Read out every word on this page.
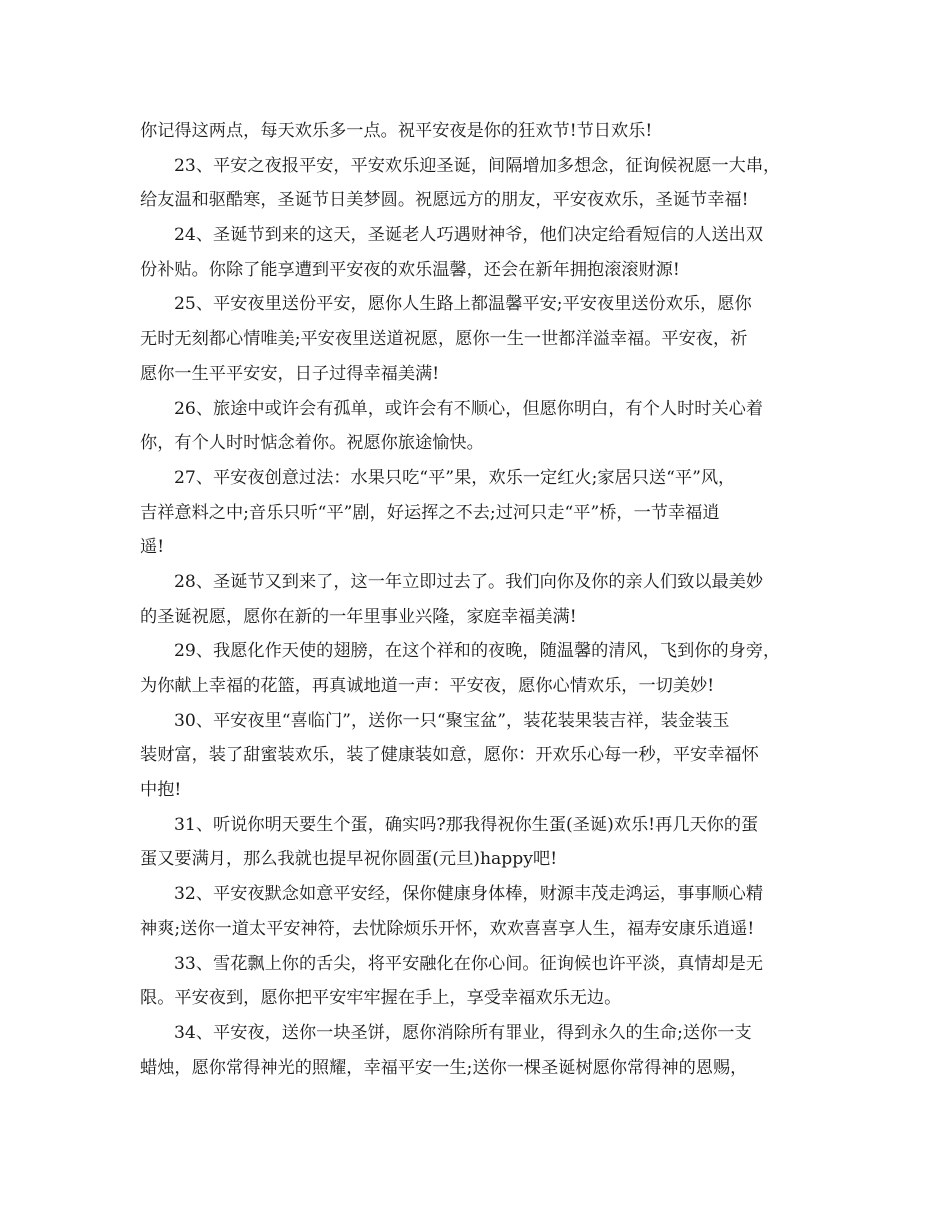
你记得这两点，每天欢乐多一点。祝平安夜是你的狂欢节!节日欢乐!
23、平安之夜报平安，平安欢乐迎圣诞，间隔增加多想念，征询候祝愿一大串，
给友温和驱酷寒，圣诞节日美梦圆。祝愿远方的朋友，平安夜欢乐，圣诞节幸福!
24、圣诞节到来的这天，圣诞老人巧遇财神爷，他们决定给看短信的人送出双
份补贴。你除了能享遭到平安夜的欢乐温馨，还会在新年拥抱滚滚财源!
25、平安夜里送份平安，愿你人生路上都温馨平安;平安夜里送份欢乐，愿你
无时无刻都心情唯美;平安夜里送道祝愿，愿你一生一世都洋溢幸福。平安夜，祈
愿你一生平平安安，日子过得幸福美满!
26、旅途中或许会有孤单，或许会有不顺心，但愿你明白，有个人时时关心着
你，有个人时时惦念着你。祝愿你旅途愉快。
27、平安夜创意过法：水果只吃“平”果，欢乐一定红火;家居只送“平”风，
吉祥意料之中;音乐只听“平”剧，好运挥之不去;过河只走“平”桥，一节幸福逍
遥!
28、圣诞节又到来了，这一年立即过去了。我们向你及你的亲人们致以最美妙
的圣诞祝愿，愿你在新的一年里事业兴隆，家庭幸福美满!
29、我愿化作天使的翅膀，在这个祥和的夜晚，随温馨的清风，飞到你的身旁，
为你献上幸福的花篮，再真诚地道一声：平安夜，愿你心情欢乐，一切美妙!
30、平安夜里“喜临门”，送你一只“聚宝盆”，装花装果装吉祥，装金装玉
装财富，装了甜蜜装欢乐，装了健康装如意，愿你：开欢乐心每一秒，平安幸福怀
中抱!
31、听说你明天要生个蛋，确实吗?那我得祝你生蛋(圣诞)欢乐!再几天你的蛋
蛋又要满月，那么我就也提早祝你圆蛋(元旦)happy吧!
32、平安夜默念如意平安经，保你健康身体棒，财源丰茂走鸿运，事事顺心精
神爽;送你一道太平安神符，去忧除烦乐开怀，欢欢喜喜享人生，福寿安康乐逍遥!
33、雪花飘上你的舌尖，将平安融化在你心间。征询候也许平淡，真情却是无
限。平安夜到，愿你把平安牢牢握在手上，享受幸福欢乐无边。
34、平安夜，送你一块圣饼，愿你消除所有罪业，得到永久的生命;送你一支
蜡烛，愿你常得神光的照耀，幸福平安一生;送你一棵圣诞树愿你常得神的恩赐，
